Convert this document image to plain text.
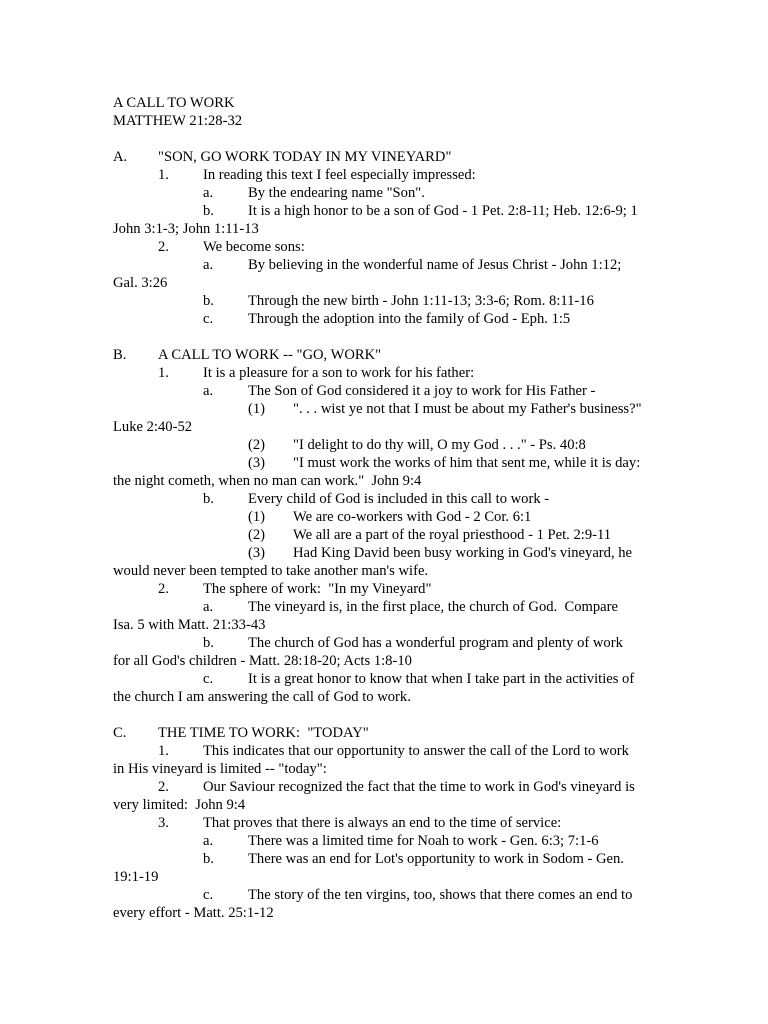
A CALL TO WORK
MATTHEW 21:28-32
A. "SON, GO WORK TODAY IN MY VINEYARD"
1. In reading this text I feel especially impressed:
a. By the endearing name "Son".
b. It is a high honor to be a son of God - 1 Pet. 2:8-11; Heb. 12:6-9; 1
John 3:1-3; John 1:11-13
2. We become sons:
a. By believing in the wonderful name of Jesus Christ - John 1:12;
Gal. 3:26
b. Through the new birth - John 1:11-13; 3:3-6; Rom. 8:11-16
c. Through the adoption into the family of God - Eph. 1:5
B. A CALL TO WORK -- "GO, WORK"
1. It is a pleasure for a son to work for his father:
a. The Son of God considered it a joy to work for His Father -
(1) ". . . wist ye not that I must be about my Father's business?"
Luke 2:40-52
(2) "I delight to do thy will, O my God . . ." - Ps. 40:8
(3) "I must work the works of him that sent me, while it is day:
the night cometh, when no man can work."  John 9:4
b. Every child of God is included in this call to work -
(1) We are co-workers with God - 2 Cor. 6:1
(2) We all are a part of the royal priesthood - 1 Pet. 2:9-11
(3) Had King David been busy working in God's vineyard, he
would never been tempted to take another man's wife.
2. The sphere of work:  "In my Vineyard"
a. The vineyard is, in the first place, the church of God.  Compare
Isa. 5 with Matt. 21:33-43
b. The church of God has a wonderful program and plenty of work
for all God's children - Matt. 28:18-20; Acts 1:8-10
c. It is a great honor to know that when I take part in the activities of
the church I am answering the call of God to work.
C. THE TIME TO WORK:  "TODAY"
1. This indicates that our opportunity to answer the call of the Lord to work
in His vineyard is limited -- "today":
2. Our Saviour recognized the fact that the time to work in God's vineyard is
very limited:  John 9:4
3. That proves that there is always an end to the time of service:
a. There was a limited time for Noah to work - Gen. 6:3; 7:1-6
b. There was an end for Lot's opportunity to work in Sodom - Gen.
19:1-19
c. The story of the ten virgins, too, shows that there comes an end to
every effort - Matt. 25:1-12
